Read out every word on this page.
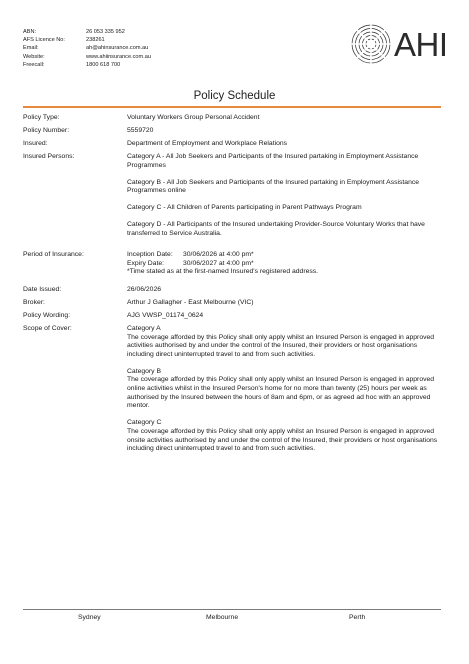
ABN:	26 053 335 952
AFS Licence No:	238261
Email:	ah@ahinsurance.com.au
Website:	www.ahiinsurance.com.au
Freecall:	1800 618 700
AHI
Policy Schedule
Policy Type:	Voluntary Workers Group Personal Accident
Policy Number:	5559720
Insured:	Department of Employment and Workplace Relations
Insured Persons:	Category A - All Job Seekers and Participants of the Insured partaking in Employment Assistance Programmes

Category B - All Job Seekers and Participants of the Insured partaking in Employment Assistance Programmes online

Category C - All Children of Parents participating in Parent Pathways Program

Category D - All Participants of the Insured undertaking Provider-Source Voluntary Works that have transferred to Service Australia.

Period of Insurance:	Inception Date:	30/06/2026 at 4:00 pm*
Expiry Date:	30/06/2027 at 4:00 pm*
*Time stated as at the first-named Insured's registered address.
Date Issued:	26/06/2026
Broker:	Arthur J Gallagher - East Melbourne (VIC)
Policy Wording:	AJG VWSP_01174_0624
Scope of Cover:	Category A
The coverage afforded by this Policy shall only apply whilst an Insured Person is engaged in approved activities authorised by and under the control of the Insured, their providers or host organisations including direct uninterrupted travel to and from such activities.
Category B
The coverage afforded by this Policy shall only apply whilst an Insured Person is engaged in approved online activities whilst in the Insured Person's home for no more than twenty (25) hours per week as authorised by the Insured between the hours of 8am and 6pm, or as agreed ad hoc with an approved mentor.
Category C
The coverage afforded by this Policy shall only apply whilst an Insured Person is engaged in approved onsite activities authorised by and under the control of the Insured, their providers or host organisations including direct uninterrupted travel to and from such activities.
Sydney	Melbourne	Perth
